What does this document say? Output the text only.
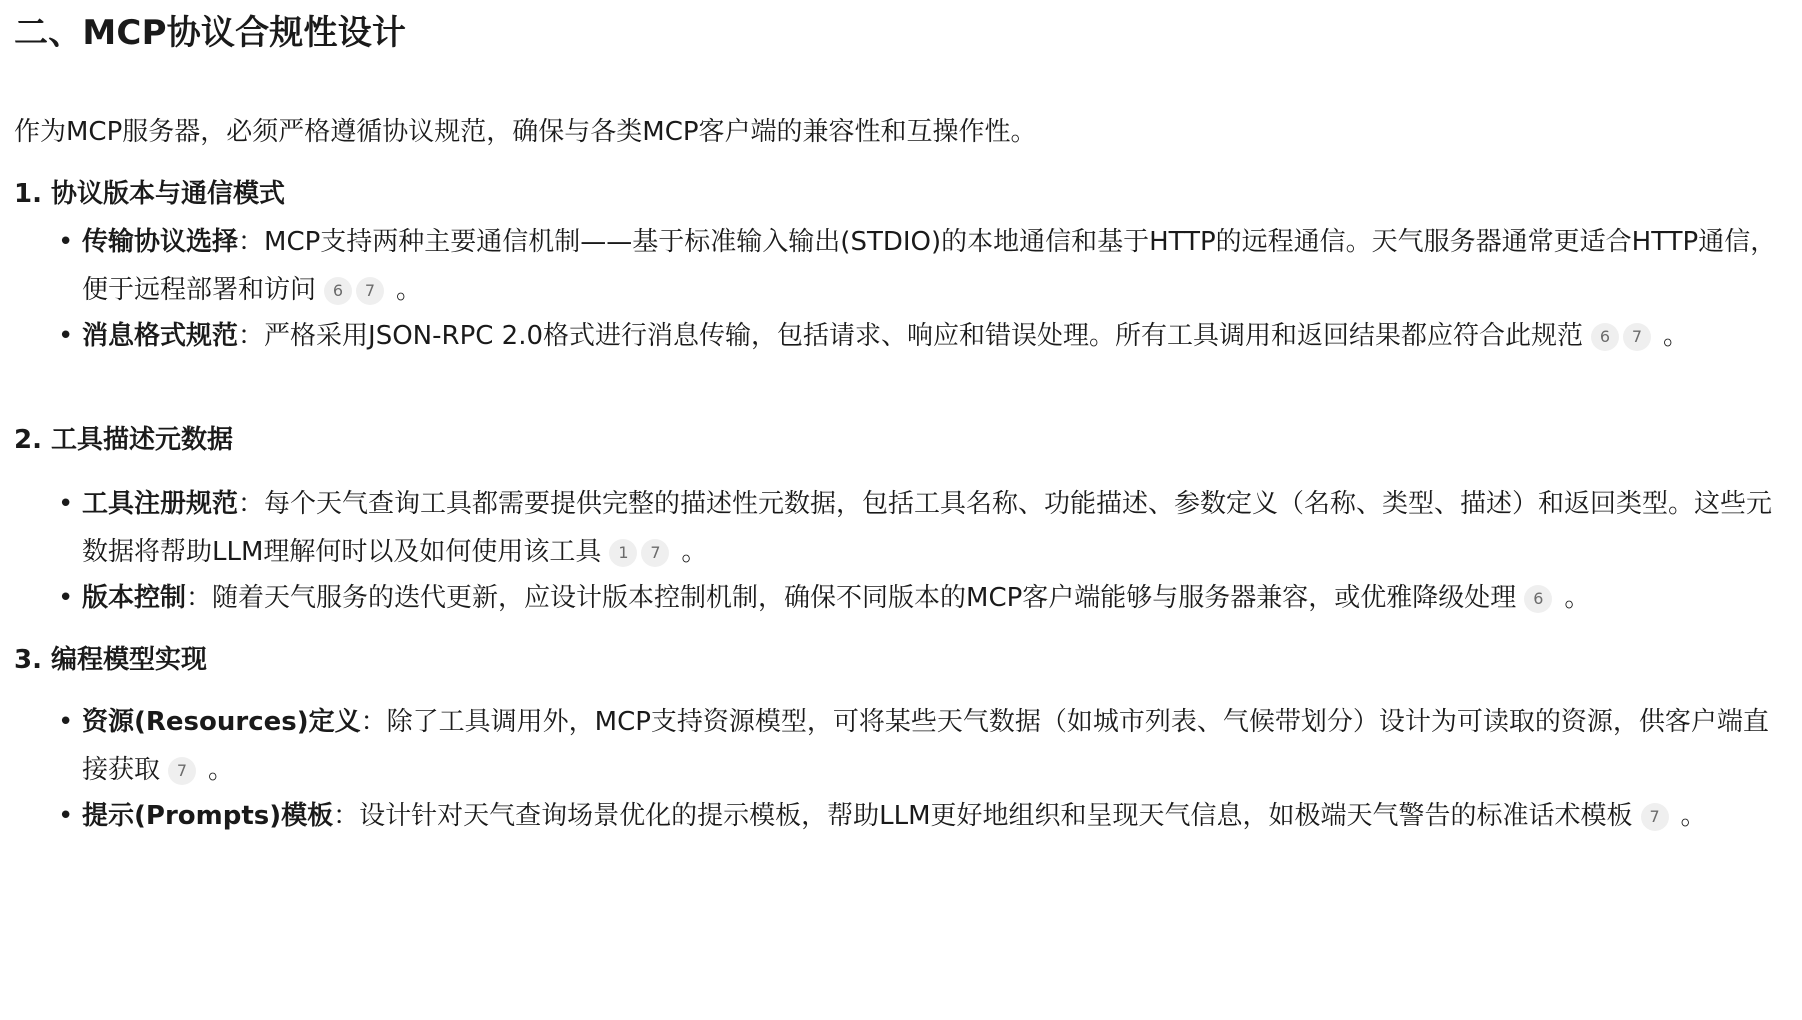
二、MCP协议合规性设计
作为MCP服务器，必须严格遵循协议规范，确保与各类MCP客户端的兼容性和互操作性。
1. 协议版本与通信模式
• 传输协议选择：MCP支持两种主要通信机制——基于标准输入输出(STDIO)的本地通信和基于HTTP的远程通信。天气服务器通常更适合HTTP通信，便于远程部署和访问 6 7 。
• 消息格式规范：严格采用JSON-RPC 2.0格式进行消息传输，包括请求、响应和错误处理。所有工具调用和返回结果都应符合此规范 6 7 。
2. 工具描述元数据
• 工具注册规范：每个天气查询工具都需要提供完整的描述性元数据，包括工具名称、功能描述、参数定义（名称、类型、描述）和返回类型。这些元数据将帮助LLM理解何时以及如何使用该工具 1 7 。
• 版本控制：随着天气服务的迭代更新，应设计版本控制机制，确保不同版本的MCP客户端能够与服务器兼容，或优雅降级处理 6 。
3. 编程模型实现
• 资源(Resources)定义：除了工具调用外，MCP支持资源模型，可将某些天气数据（如城市列表、气候带划分）设计为可读取的资源，供客户端直接获取 7 。
• 提示(Prompts)模板：设计针对天气查询场景优化的提示模板，帮助LLM更好地组织和呈现天气信息，如极端天气警告的标准话术模板 7 。
